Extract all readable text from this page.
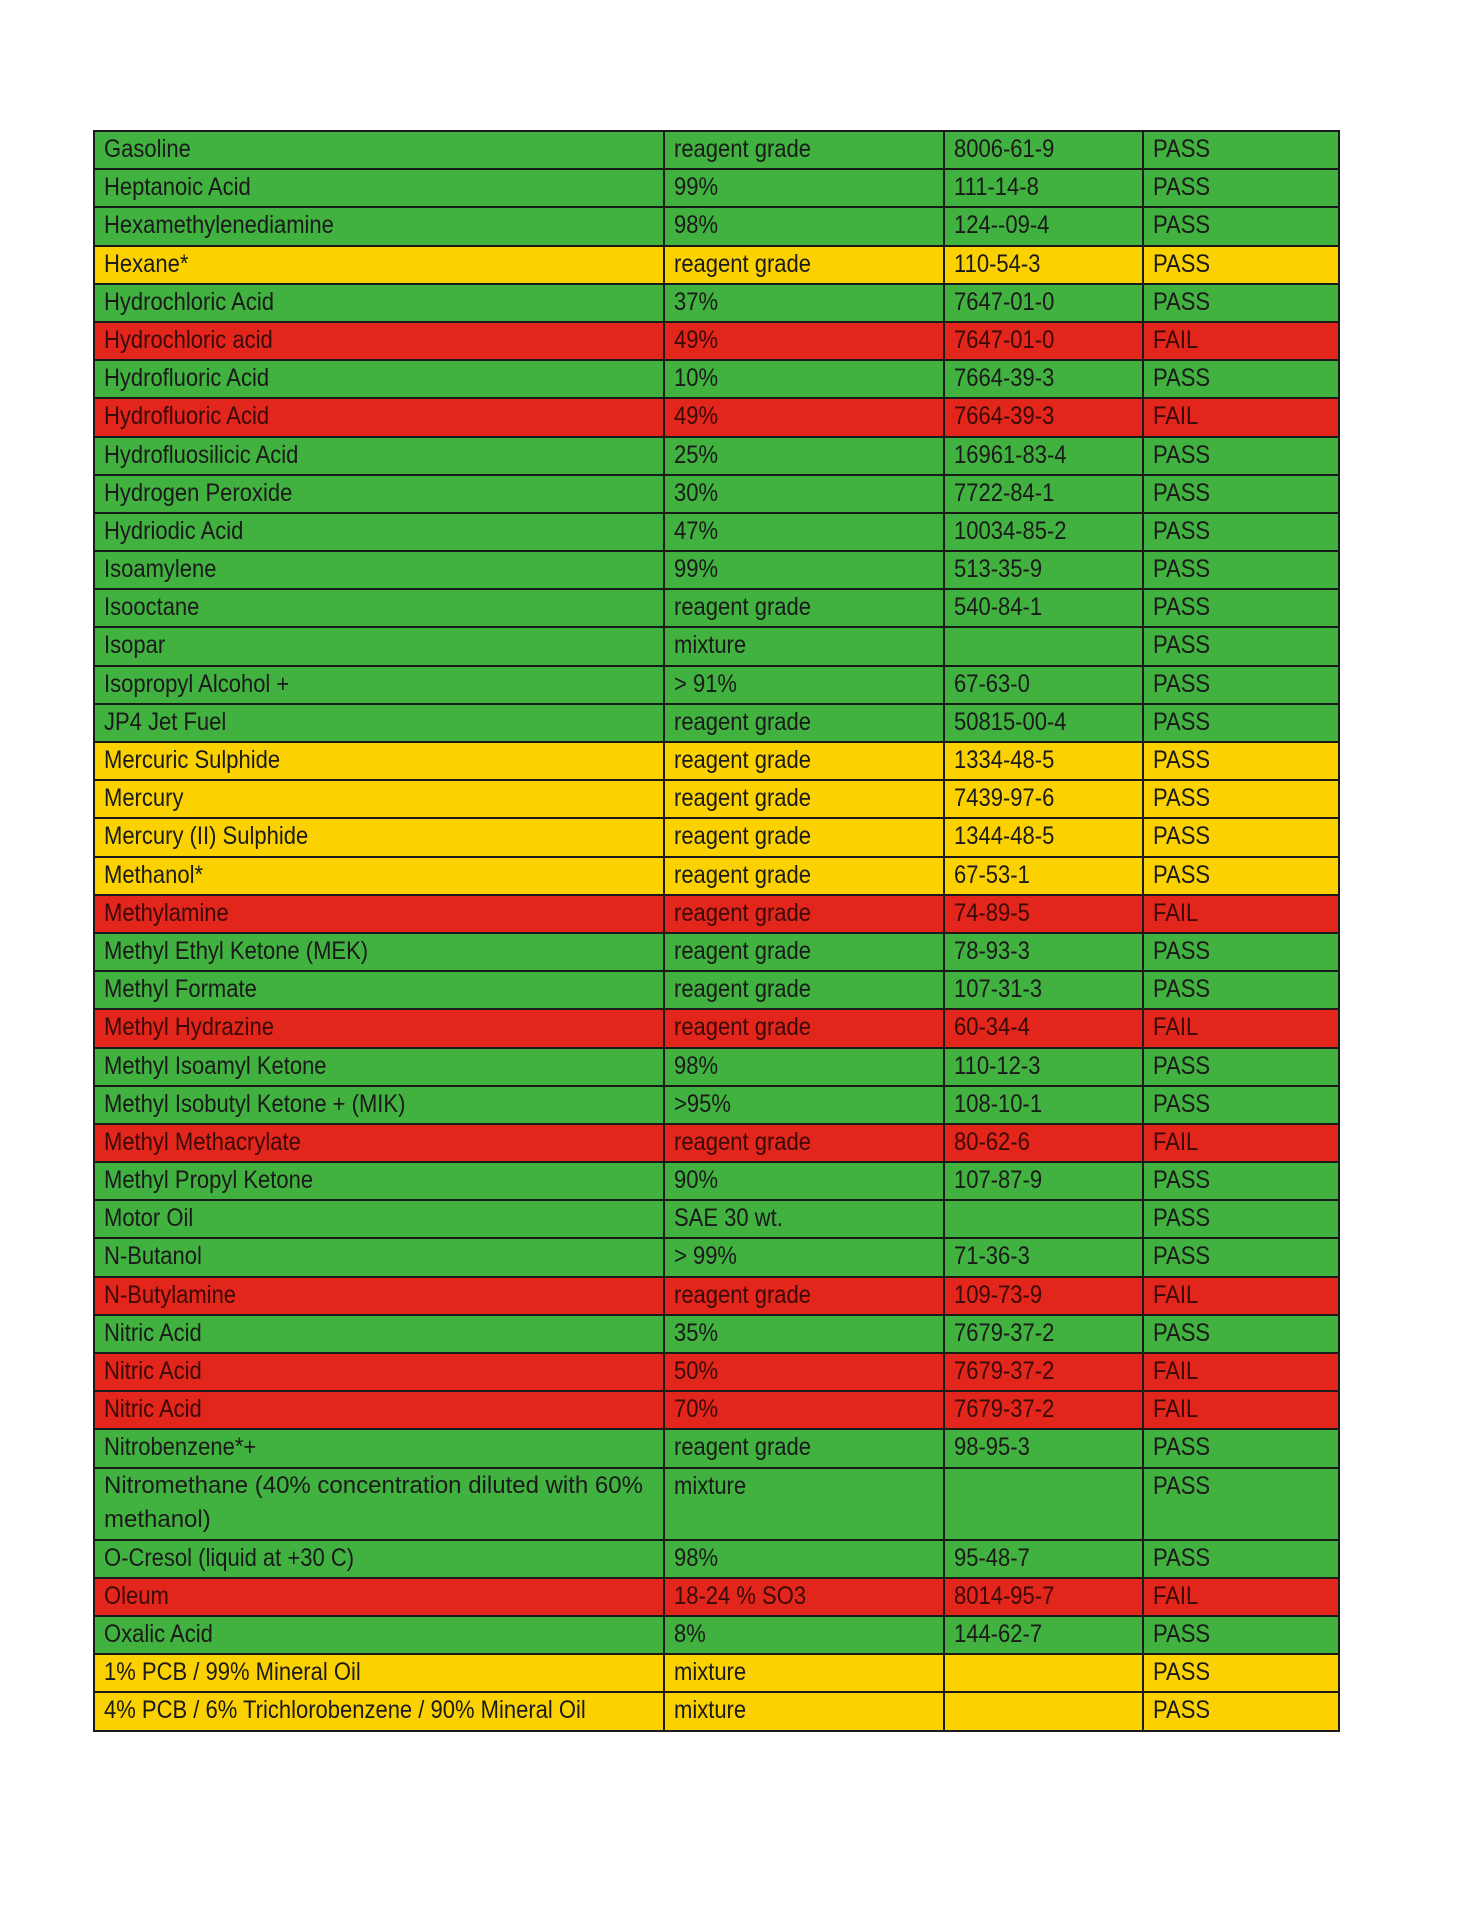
Gasoline	reagent grade	8006-61-9	PASS
Heptanoic Acid	99%	111-14-8	PASS
Hexamethylenediamine	98%	124--09-4	PASS
Hexane*	reagent grade	110-54-3	PASS
Hydrochloric Acid	37%	7647-01-0	PASS
Hydrochloric acid	49%	7647-01-0	FAIL
Hydrofluoric Acid	10%	7664-39-3	PASS
Hydrofluoric Acid	49%	7664-39-3	FAIL
Hydrofluosilicic Acid	25%	16961-83-4	PASS
Hydrogen Peroxide	30%	7722-84-1	PASS
Hydriodic Acid	47%	10034-85-2	PASS
Isoamylene	99%	513-35-9	PASS
Isooctane	reagent grade	540-84-1	PASS
Isopar	mixture		PASS
Isopropyl Alcohol +	> 91%	67-63-0	PASS
JP4 Jet Fuel	reagent grade	50815-00-4	PASS
Mercuric Sulphide	reagent grade	1334-48-5	PASS
Mercury	reagent grade	7439-97-6	PASS
Mercury (II) Sulphide	reagent grade	1344-48-5	PASS
Methanol*	reagent grade	67-53-1	PASS
Methylamine	reagent grade	74-89-5	FAIL
Methyl Ethyl Ketone (MEK)	reagent grade	78-93-3	PASS
Methyl Formate	reagent grade	107-31-3	PASS
Methyl Hydrazine	reagent grade	60-34-4	FAIL
Methyl Isoamyl Ketone	98%	110-12-3	PASS
Methyl Isobutyl Ketone + (MIK)	>95%	108-10-1	PASS
Methyl Methacrylate	reagent grade	80-62-6	FAIL
Methyl Propyl Ketone	90%	107-87-9	PASS
Motor Oil	SAE 30 wt.		PASS
N-Butanol	> 99%	71-36-3	PASS
N-Butylamine	reagent grade	109-73-9	FAIL
Nitric Acid	35%	7679-37-2	PASS
Nitric Acid	50%	7679-37-2	FAIL
Nitric Acid	70%	7679-37-2	FAIL
Nitrobenzene*+	reagent grade	98-95-3	PASS
Nitromethane (40% concentration diluted with 60% methanol)	mixture		PASS
O-Cresol (liquid at +30 C)	98%	95-48-7	PASS
Oleum	18-24 % SO3	8014-95-7	FAIL
Oxalic Acid	8%	144-62-7	PASS
1% PCB / 99% Mineral Oil	mixture		PASS
4% PCB / 6% Trichlorobenzene / 90% Mineral Oil	mixture		PASS
